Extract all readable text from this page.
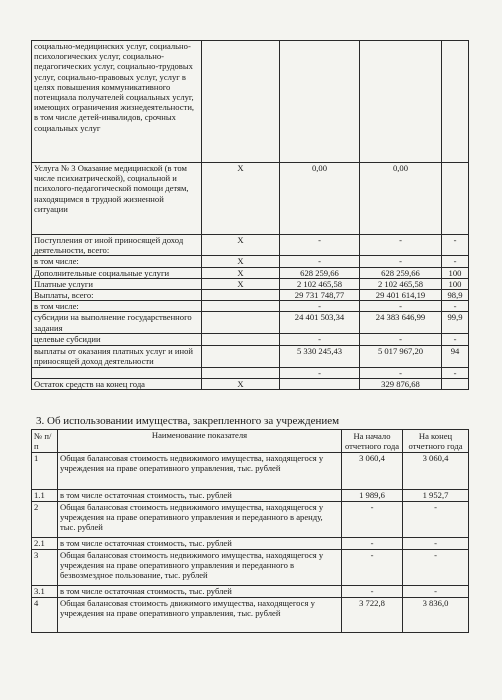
социально-медицинских услуг, социально-психологических услуг, социально-педагогических услуг, социально-трудовых услуг, социально-правовых услуг, услуг в целях повышения коммуникативного потенциала получателей социальных услуг, имеющих ограничения жизнедеятельности, в том числе детей-инвалидов, срочных социальных услуг				
Услуга № 3 Оказание медицинской (в том числе психиатрической), социальной и психолого-педагогической помощи детям, находящимся в трудной жизненной ситуации	X	0,00	0,00	
Поступления от иной приносящей доход деятельности, всего:	X	-	-	-
в том числе:	X	-	-	-
Дополнительные социальные услуги	X	628 259,66	628 259,66	100
Платные услуги	X	2 102 465,58	2 102 465,58	100
Выплаты, всего:		29 731 748,77	29 401 614,19	98,9
в том числе:		-	-	-
субсидии на выполнение государственного задания		24 401 503,34	24 383 646,99	99,9
целевые субсидии		-	-	-
выплаты от оказания платных услуг и иной приносящей доход деятельности		5 330 245,43	5 017 967,20	94
		-	-	-
Остаток средств на конец года	X		329 876,68	
3. Об использовании имущества, закрепленного за учреждением
№ п/п	Наименование показателя	На начало отчетного года	На конец отчетного года
1	Общая балансовая стоимость недвижимого имущества, находящегося у учреждения на праве оперативного управления, тыс. рублей	3 060,4	3 060,4
1.1	в том числе остаточная стоимость, тыс. рублей	1 989,6	1 952,7
2	Общая балансовая стоимость недвижимого имущества, находящегося у учреждения на праве оперативного управления и переданного в аренду, тыс. рублей	-	-
2.1	в том числе остаточная стоимость, тыс. рублей	-	-
3	Общая балансовая стоимость недвижимого имущества, находящегося у учреждения на праве оперативного управления и переданного в безвозмездное пользование, тыс. рублей	-	-
3.1	в том числе остаточная стоимость, тыс. рублей	-	-
4	Общая балансовая стоимость движимого имущества, находящегося у учреждения на праве оперативного управления, тыс. рублей	3 722,8	3 836,0
